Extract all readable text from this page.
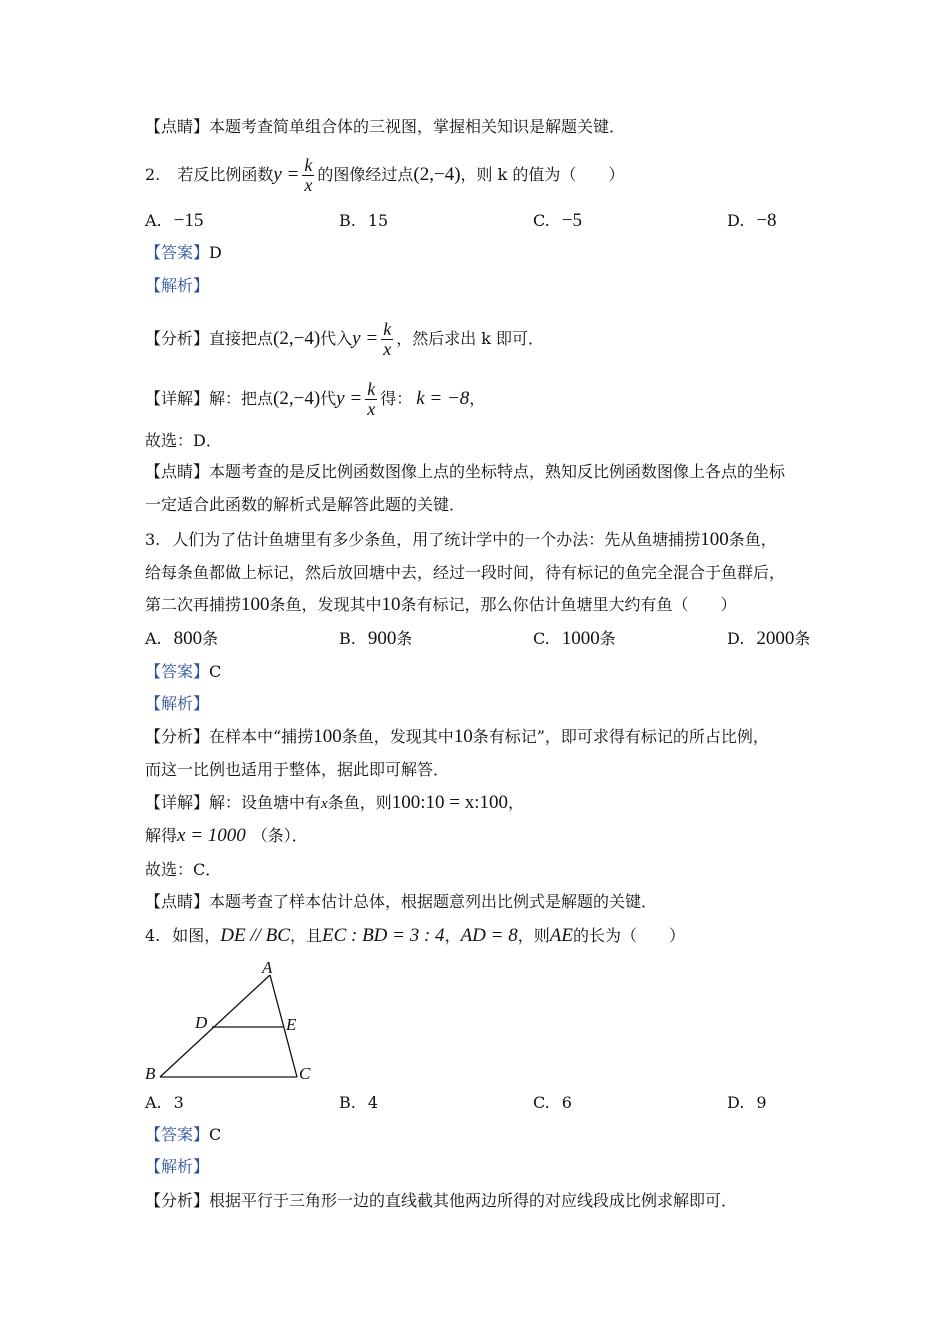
【点睛】本题考查简单组合体的三视图，掌握相关知识是解题关键．
2. 若反比例函数$y = \frac{k}{x}$ 的图像经过点(2,−4)，则 k 的值为（　　）
A. −15	B. 15	C. −5	D. −8
【答案】D
【解析】
【分析】直接把点(2,−4)代入$y = \frac{k}{x}$ ，然后求出 k 即可．
【详解】解：把点(2,−4)代$y = \frac{k}{x}$ 得： k = −8，
故选：D．
【点睛】本题考查的是反比例函数图像上点的坐标特点，熟知反比例函数图像上各点的坐标
一定适合此函数的解析式是解答此题的关键．
3. 人们为了估计鱼塘里有多少条鱼，用了统计学中的一个办法：先从鱼塘捕捞100条鱼，
给每条鱼都做上标记，然后放回塘中去，经过一段时间，待有标记的鱼完全混合于鱼群后，
第二次再捕捞100条鱼，发现其中10条有标记，那么你估计鱼塘里大约有鱼（　　）
A. 800条	B. 900条	C. 1000条	D. 2000条
【答案】C
【解析】
【分析】在样本中“捕捞100条鱼，发现其中10条有标记”，即可求得有标记的所占比例，
而这一比例也适用于整体，据此即可解答．
【详解】解：设鱼塘中有x条鱼，则100:10 = x:100，
解得x = 1000 （条）．
故选：C．
【点睛】本题考查了样本估计总体，根据题意列出比例式是解题的关键．
4. 如图，DE // BC，且EC : BD = 3 : 4，AD = 8，则AE的长为（　　）
A
B	C
D	E
A. 3	B. 4	C. 6	D. 9
【答案】C
【解析】
【分析】根据平行于三角形一边的直线截其他两边所得的对应线段成比例求解即可．
